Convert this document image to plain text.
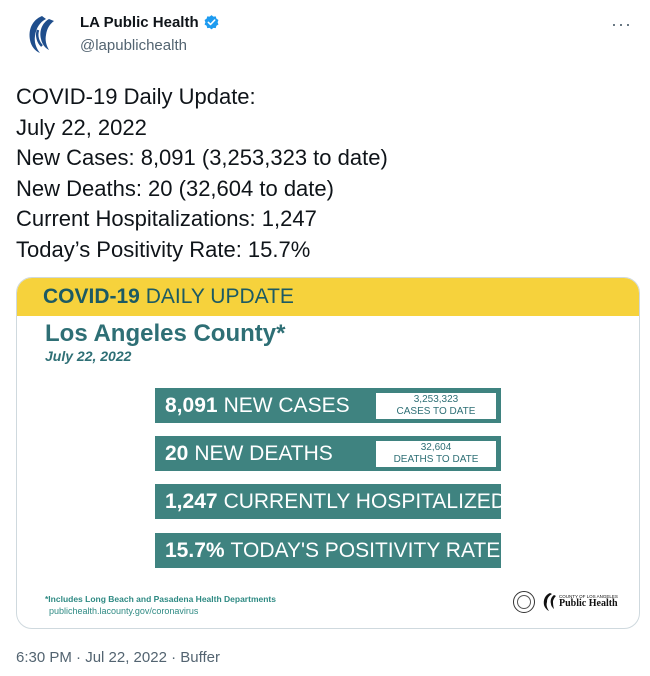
LA Public Health
@lapublichealth
···
COVID-19 Daily Update:
July 22, 2022
New Cases: 8,091 (3,253,323 to date)
New Deaths: 20 (32,604 to date)
Current Hospitalizations: 1,247
Today’s Positivity Rate: 15.7%
COVID-19 DAILY UPDATE
Los Angeles County*
July 22, 2022
8,091 NEW CASES	3,253,323
CASES TO DATE
20 NEW DEATHS	32,604
DEATHS TO DATE
1,247 CURRENTLY HOSPITALIZED
15.7% TODAY'S POSITIVITY RATE
*Includes Long Beach and Pasadena Health Departments
publichealth.lacounty.gov/coronavirus
COUNTY OF LOS ANGELES
Public Health
6:30 PM · Jul 22, 2022 · Buffer
